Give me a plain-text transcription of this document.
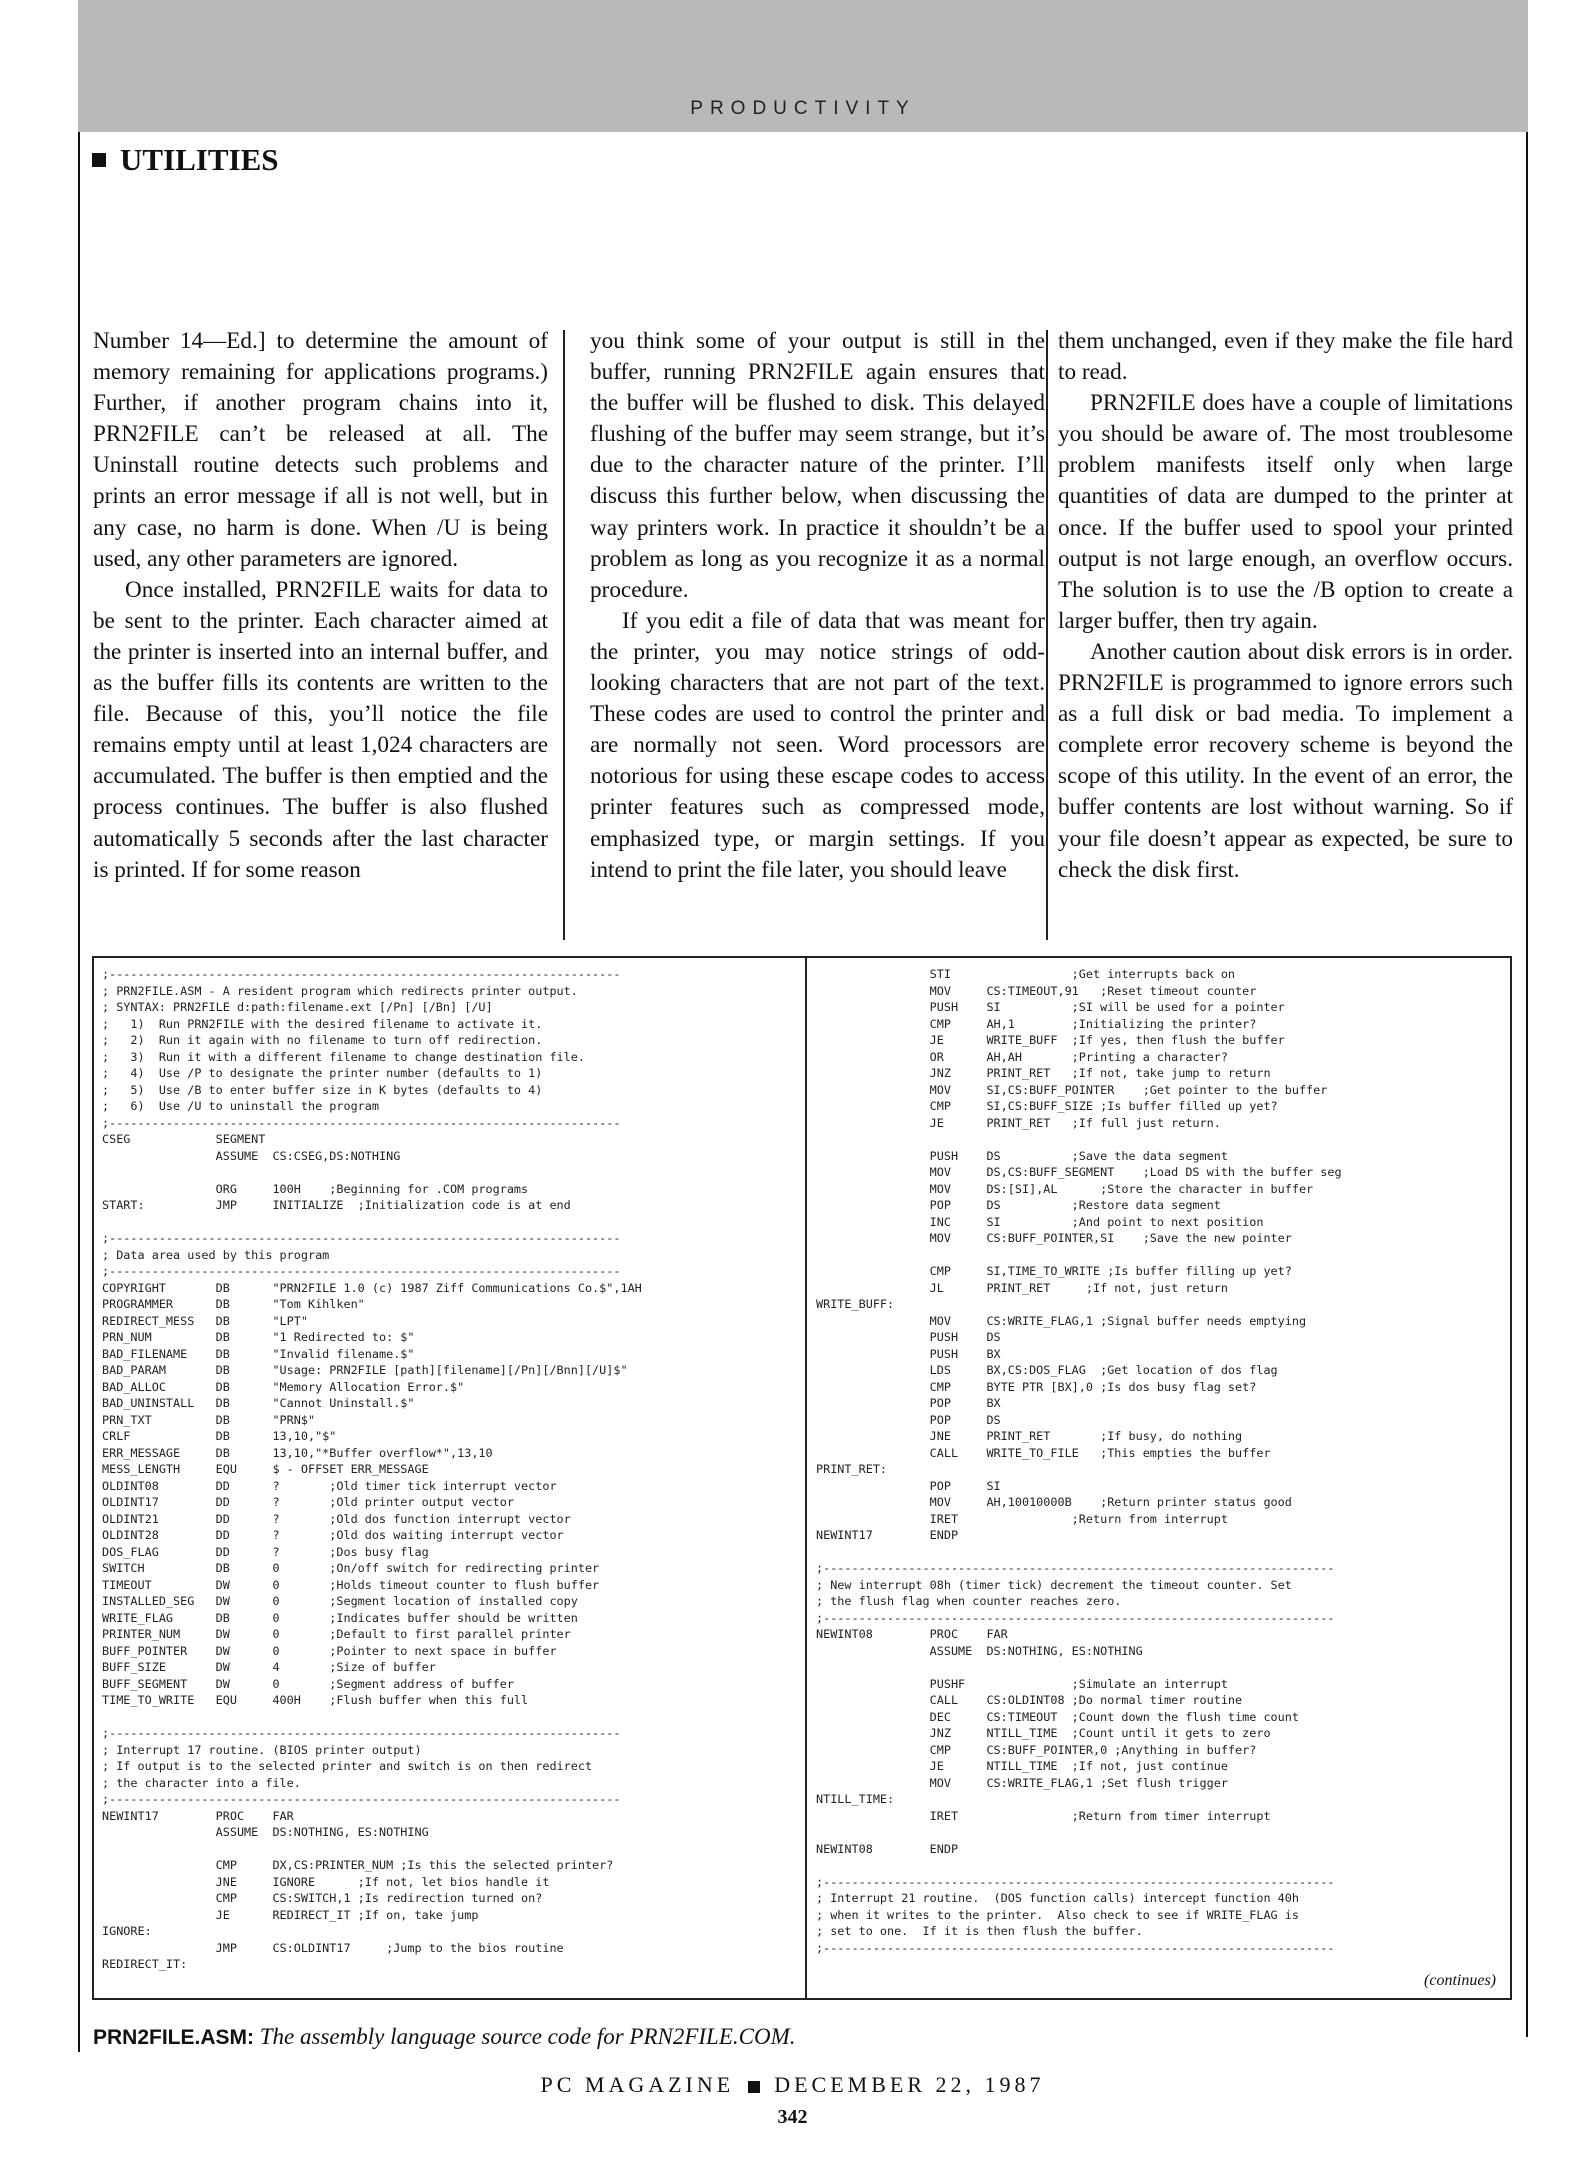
PRODUCTIVITY
UTILITIES

Number 14—Ed.] to determine the amount of memory remaining for applications programs.) Further, if another program chains into it, PRN2FILE can’t be released at all. The Uninstall routine detects such problems and prints an error message if all is not well, but in any case, no harm is done. When /U is being used, any other parameters are ignored.

Once installed, PRN2FILE waits for data to be sent to the printer. Each character aimed at the printer is inserted into an internal buffer, and as the buffer fills its contents are written to the file. Because of this, you’ll notice the file remains empty until at least 1,024 characters are accumulated. The buffer is then emptied and the process continues. The buffer is also flushed automatically 5 seconds after the last character is printed. If for some reason

you think some of your output is still in the buffer, running PRN2FILE again ensures that the buffer will be flushed to disk. This delayed flushing of the buffer may seem strange, but it’s due to the character nature of the printer. I’ll discuss this further below, when discussing the way printers work. In practice it shouldn’t be a problem as long as you recognize it as a normal procedure.

If you edit a file of data that was meant for the printer, you may notice strings of odd-looking characters that are not part of the text. These codes are used to control the printer and are normally not seen. Word processors are notorious for using these escape codes to access printer features such as compressed mode, emphasized type, or margin settings. If you intend to print the file later, you should leave

them unchanged, even if they make the file hard to read.

PRN2FILE does have a couple of limitations you should be aware of. The most troublesome problem manifests itself only when large quantities of data are dumped to the printer at once. If the buffer used to spool your printed output is not large enough, an overflow occurs. The solution is to use the /B option to create a larger buffer, then try again.

Another caution about disk errors is in order. PRN2FILE is programmed to ignore errors such as a full disk or bad media. To implement a complete error recovery scheme is beyond the scope of this utility. In the event of an error, the buffer contents are lost without warning. So if your file doesn’t appear as expected, be sure to check the disk first.

;------------------------------------------------------------------------
; PRN2FILE.ASM - A resident program which redirects printer output.
; SYNTAX: PRN2FILE d:path:filename.ext [/Pn] [/Bn] [/U]
;   1)  Run PRN2FILE with the desired filename to activate it.
;   2)  Run it again with no filename to turn off redirection.
;   3)  Run it with a different filename to change destination file.
;   4)  Use /P to designate the printer number (defaults to 1)
;   5)  Use /B to enter buffer size in K bytes (defaults to 4)
;   6)  Use /U to uninstall the program
;------------------------------------------------------------------------
CSEG            SEGMENT
ASSUME  CS:CSEG,DS:NOTHING

ORG     100H    ;Beginning for .COM programs
START:          JMP     INITIALIZE  ;Initialization code is at end

;------------------------------------------------------------------------
; Data area used by this program
;------------------------------------------------------------------------
COPYRIGHT       DB      "PRN2FILE 1.0 (c) 1987 Ziff Communications Co.$",1AH
PROGRAMMER      DB      "Tom Kihlken"
REDIRECT_MESS   DB      "LPT"
PRN_NUM         DB      "1 Redirected to: $"
BAD_FILENAME    DB      "Invalid filename.$"
BAD_PARAM       DB      "Usage: PRN2FILE [path][filename][/Pn][/Bnn][/U]$"
BAD_ALLOC       DB      "Memory Allocation Error.$"
BAD_UNINSTALL   DB      "Cannot Uninstall.$"
PRN_TXT         DB      "PRN$"
CRLF            DB      13,10,"$"
ERR_MESSAGE     DB      13,10,"*Buffer overflow*",13,10
MESS_LENGTH     EQU     $ - OFFSET ERR_MESSAGE
OLDINT08        DD      ?       ;Old timer tick interrupt vector
OLDINT17        DD      ?       ;Old printer output vector
OLDINT21        DD      ?       ;Old dos function interrupt vector
OLDINT28        DD      ?       ;Old dos waiting interrupt vector
DOS_FLAG        DD      ?       ;Dos busy flag
SWITCH          DB      0       ;On/off switch for redirecting printer
TIMEOUT         DW      0       ;Holds timeout counter to flush buffer
INSTALLED_SEG   DW      0       ;Segment location of installed copy
WRITE_FLAG      DB      0       ;Indicates buffer should be written
PRINTER_NUM     DW      0       ;Default to first parallel printer
BUFF_POINTER    DW      0       ;Pointer to next space in buffer
BUFF_SIZE       DW      4       ;Size of buffer
BUFF_SEGMENT    DW      0       ;Segment address of buffer
TIME_TO_WRITE   EQU     400H    ;Flush buffer when this full

;------------------------------------------------------------------------
; Interrupt 17 routine. (BIOS printer output)
; If output is to the selected printer and switch is on then redirect
; the character into a file.
;------------------------------------------------------------------------
NEWINT17        PROC    FAR
ASSUME  DS:NOTHING, ES:NOTHING

CMP     DX,CS:PRINTER_NUM ;Is this the selected printer?
JNE     IGNORE      ;If not, let bios handle it
CMP     CS:SWITCH,1 ;Is redirection turned on?
JE      REDIRECT_IT ;If on, take jump
IGNORE:
JMP     CS:OLDINT17     ;Jump to the bios routine
REDIRECT_IT:
STI                 ;Get interrupts back on
MOV     CS:TIMEOUT,91   ;Reset timeout counter
PUSH    SI          ;SI will be used for a pointer
CMP     AH,1        ;Initializing the printer?
JE      WRITE_BUFF  ;If yes, then flush the buffer
OR      AH,AH       ;Printing a character?
JNZ     PRINT_RET   ;If not, take jump to return
MOV     SI,CS:BUFF_POINTER    ;Get pointer to the buffer
CMP     SI,CS:BUFF_SIZE ;Is buffer filled up yet?
JE      PRINT_RET   ;If full just return.

PUSH    DS          ;Save the data segment
MOV     DS,CS:BUFF_SEGMENT    ;Load DS with the buffer seg
MOV     DS:[SI],AL      ;Store the character in buffer
POP     DS          ;Restore data segment
INC     SI          ;And point to next position
MOV     CS:BUFF_POINTER,SI    ;Save the new pointer

CMP     SI,TIME_TO_WRITE ;Is buffer filling up yet?
JL      PRINT_RET     ;If not, just return
WRITE_BUFF:
MOV     CS:WRITE_FLAG,1 ;Signal buffer needs emptying
PUSH    DS
PUSH    BX
LDS     BX,CS:DOS_FLAG  ;Get location of dos flag
CMP     BYTE PTR [BX],0 ;Is dos busy flag set?
POP     BX
POP     DS
JNE     PRINT_RET       ;If busy, do nothing
CALL    WRITE_TO_FILE   ;This empties the buffer
PRINT_RET:
POP     SI
MOV     AH,10010000B    ;Return printer status good
IRET                ;Return from interrupt
NEWINT17        ENDP

;------------------------------------------------------------------------
; New interrupt 08h (timer tick) decrement the timeout counter. Set
; the flush flag when counter reaches zero.
;------------------------------------------------------------------------
NEWINT08        PROC    FAR
ASSUME  DS:NOTHING, ES:NOTHING

PUSHF               ;Simulate an interrupt
CALL    CS:OLDINT08 ;Do normal timer routine
DEC     CS:TIMEOUT  ;Count down the flush time count
JNZ     NTILL_TIME  ;Count until it gets to zero
CMP     CS:BUFF_POINTER,0 ;Anything in buffer?
JE      NTILL_TIME  ;If not, just continue
MOV     CS:WRITE_FLAG,1 ;Set flush trigger
NTILL_TIME:
IRET                ;Return from timer interrupt

NEWINT08        ENDP

;------------------------------------------------------------------------
; Interrupt 21 routine.  (DOS function calls) intercept function 40h
; when it writes to the printer.  Also check to see if WRITE_FLAG is
; set to one.  If it is then flush the buffer.
;------------------------------------------------------------------------
(continues)
PRN2FILE.ASM: The assembly language source code for PRN2FILE.COM.
PC MAGAZINE DECEMBER 22, 1987
342
